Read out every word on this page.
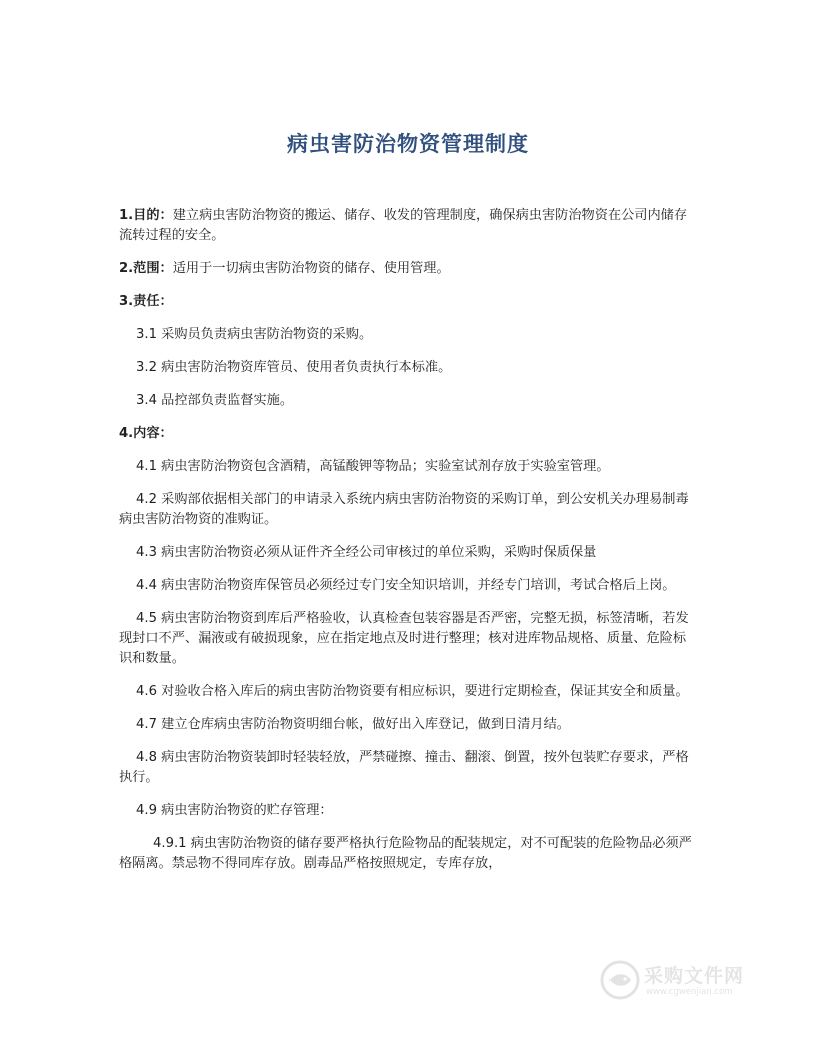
病虫害防治物资管理制度

1.目的：建立病虫害防治物资的搬运、储存、收发的管理制度，确保病虫害防治物资在公司内储存流转过程的安全。

2.范围：适用于一切病虫害防治物资的储存、使用管理。

3.责任：

3.1 采购员负责病虫害防治物资的采购。

3.2 病虫害防治物资库管员、使用者负责执行本标准。

3.4 品控部负责监督实施。

4.内容：

4.1 病虫害防治物资包含酒精，高锰酸钾等物品；实验室试剂存放于实验室管理。

4.2 采购部依据相关部门的申请录入系统内病虫害防治物资的采购订单，到公安机关办理易制毒病虫害防治物资的准购证。

4.3 病虫害防治物资必须从证件齐全经公司审核过的单位采购，采购时保质保量

4.4 病虫害防治物资库保管员必须经过专门安全知识培训，并经专门培训，考试合格后上岗。

4.5 病虫害防治物资到库后严格验收，认真检查包装容器是否严密，完整无损，标签清晰，若发现封口不严、漏液或有破损现象，应在指定地点及时进行整理；核对进库物品规格、质量、危险标识和数量。

4.6 对验收合格入库后的病虫害防治物资要有相应标识，要进行定期检查，保证其安全和质量。

4.7 建立仓库病虫害防治物资明细台帐，做好出入库登记，做到日清月结。

4.8 病虫害防治物资装卸时轻装轻放，严禁碰擦、撞击、翻滚、倒置，按外包装贮存要求，严格执行。

4.9 病虫害防治物资的贮存管理：

4.9.1 病虫害防治物资的储存要严格执行危险物品的配装规定，对不可配装的危险物品必须严格隔离。禁忌物不得同库存放。剧毒品严格按照规定，专库存放，

采购文件网
www.cgwenjian.com
